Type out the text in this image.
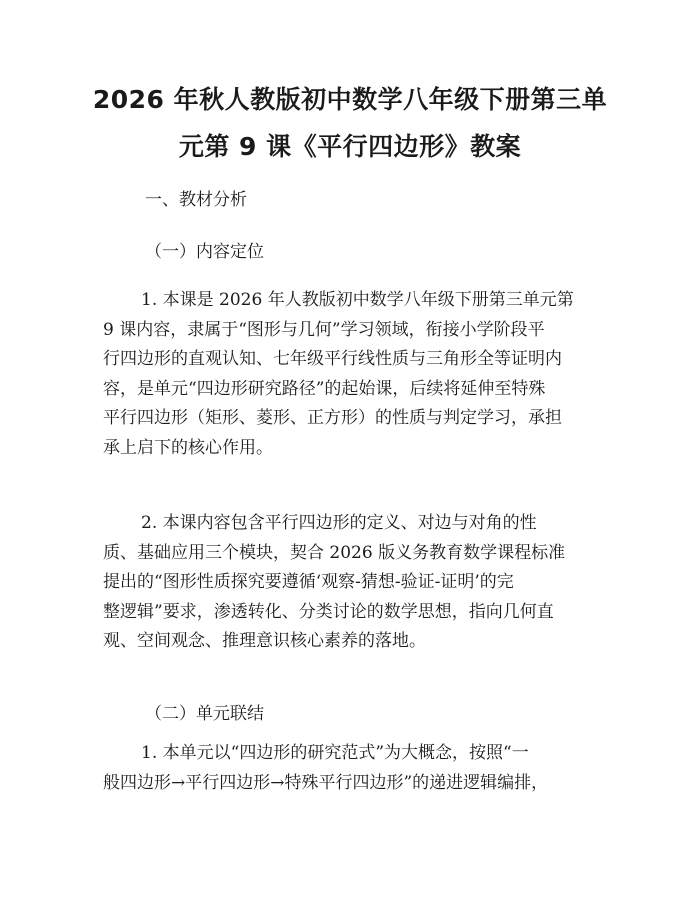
2026 年秋人教版初中数学八年级下册第三单
元第 9 课《平行四边形》教案
一、教材分析
（一）内容定位
1. 本课是 2026 年人教版初中数学八年级下册第三单元第
9 课内容，隶属于“图形与几何”学习领域，衔接小学阶段平
行四边形的直观认知、七年级平行线性质与三角形全等证明内
容，是单元“四边形研究路径”的起始课，后续将延伸至特殊
平行四边形（矩形、菱形、正方形）的性质与判定学习，承担
承上启下的核心作用。
2. 本课内容包含平行四边形的定义、对边与对角的性
质、基础应用三个模块，契合 2026 版义务教育数学课程标准
提出的“图形性质探究要遵循‘观察-猜想-验证-证明’的完
整逻辑”要求，渗透转化、分类讨论的数学思想，指向几何直
观、空间观念、推理意识核心素养的落地。
（二）单元联结
1. 本单元以“四边形的研究范式”为大概念，按照“一
般四边形→平行四边形→特殊平行四边形”的递进逻辑编排，
